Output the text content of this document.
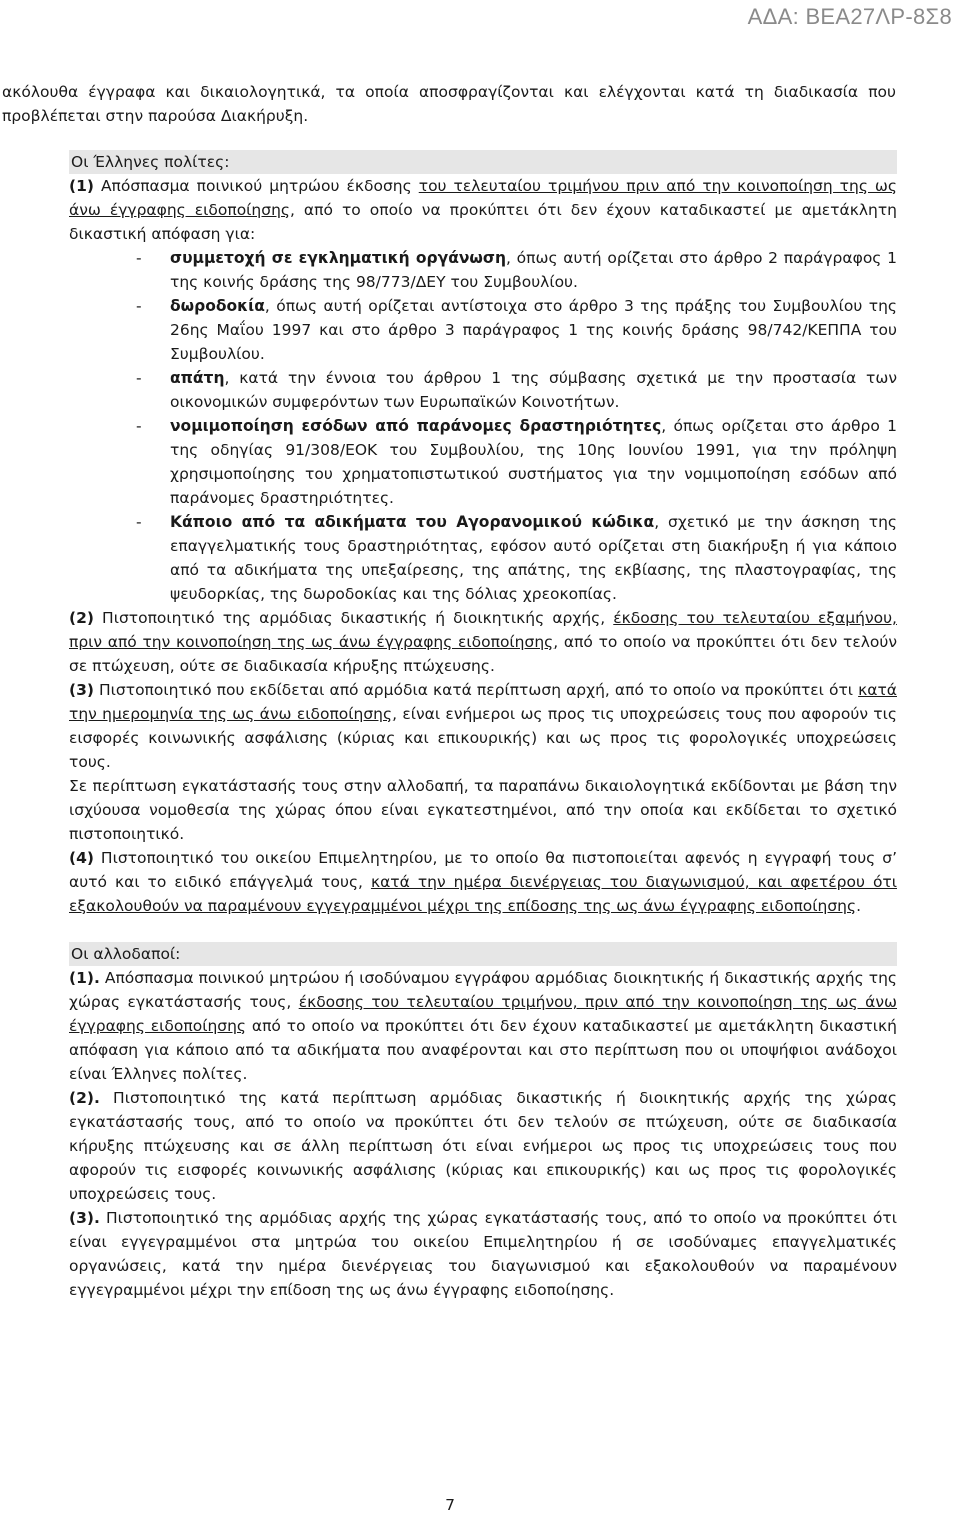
ΑΔΑ: ΒΕΑ27ΛΡ-8Σ8

ακόλουθα έγγραφα και δικαιολογητικά, τα οποία αποσφραγίζονται και ελέγχονται κατά τη διαδικασία που προβλέπεται στην παρούσα Διακήρυξη.

Οι Έλληνες πολίτες:

(1) Απόσπασμα ποινικού μητρώου έκδοσης του τελευταίου τριμήνου πριν από την κοινοποίηση της ως άνω έγγραφης ειδοποίησης, από το οποίο να προκύπτει ότι δεν έχουν καταδικαστεί με αμετάκλητη δικαστική απόφαση για:

- συμμετοχή σε εγκληματική οργάνωση, όπως αυτή ορίζεται στο άρθρο 2 παράγραφος 1 της κοινής δράσης της 98/773/ΔΕΥ του Συμβουλίου.
- δωροδοκία, όπως αυτή ορίζεται αντίστοιχα στο άρθρο 3 της πράξης του Συμβουλίου της 26ης Μαΐου 1997 και στο άρθρο 3 παράγραφος 1 της κοινής δράσης 98/742/ΚΕΠΠΑ του Συμβουλίου.
- απάτη, κατά την έννοια του άρθρου 1 της σύμβασης σχετικά με την προστασία των οικονομικών συμφερόντων των Ευρωπαϊκών Κοινοτήτων.
- νομιμοποίηση εσόδων από παράνομες δραστηριότητες, όπως ορίζεται στο άρθρο 1 της οδηγίας 91/308/ΕΟΚ του Συμβουλίου, της 10ης Ιουνίου 1991, για την πρόληψη χρησιμοποίησης του χρηματοπιστωτικού συστήματος για την νομιμοποίηση εσόδων από παράνομες δραστηριότητες.
- Κάποιο από τα αδικήματα του Αγορανομικού κώδικα, σχετικό με την άσκηση της επαγγελματικής τους δραστηριότητας, εφόσον αυτό ορίζεται στη διακήρυξη ή για κάποιο από τα αδικήματα της υπεξαίρεσης, της απάτης, της εκβίασης, της πλαστογραφίας, της ψευδορκίας, της δωροδοκίας και της δόλιας χρεοκοπίας.

(2) Πιστοποιητικό της αρμόδιας δικαστικής ή διοικητικής αρχής, έκδοσης του τελευταίου εξαμήνου, πριν από την κοινοποίηση της ως άνω έγγραφης ειδοποίησης, από το οποίο να προκύπτει ότι δεν τελούν σε πτώχευση, ούτε σε διαδικασία κήρυξης πτώχευσης.

(3) Πιστοποιητικό που εκδίδεται από αρμόδια κατά περίπτωση αρχή, από το οποίο να προκύπτει ότι κατά την ημερομηνία της ως άνω ειδοποίησης, είναι ενήμεροι ως προς τις υποχρεώσεις τους που αφορούν τις εισφορές κοινωνικής ασφάλισης (κύριας και επικουρικής) και ως προς τις φορολογικές υποχρεώσεις τους.

Σε περίπτωση εγκατάστασής τους στην αλλοδαπή, τα παραπάνω δικαιολογητικά εκδίδονται με βάση την ισχύουσα νομοθεσία της χώρας όπου είναι εγκατεστημένοι, από την οποία και εκδίδεται το σχετικό πιστοποιητικό.

(4) Πιστοποιητικό του οικείου Επιμελητηρίου, με το οποίο θα πιστοποιείται αφενός η εγγραφή τους σ’ αυτό και το ειδικό επάγγελμά τους, κατά την ημέρα διενέργειας του διαγωνισμού, και αφετέρου ότι εξακολουθούν να παραμένουν εγγεγραμμένοι μέχρι της επίδοσης της ως άνω έγγραφης ειδοποίησης.

Οι αλλοδαποί:

(1). Απόσπασμα ποινικού μητρώου ή ισοδύναμου εγγράφου αρμόδιας διοικητικής ή δικαστικής αρχής της χώρας εγκατάστασής τους, έκδοσης του τελευταίου τριμήνου, πριν από την κοινοποίηση της ως άνω έγγραφης ειδοποίησης από το οποίο να προκύπτει ότι δεν έχουν καταδικαστεί με αμετάκλητη δικαστική απόφαση για κάποιο από τα αδικήματα που αναφέρονται και στο περίπτωση που οι υποψήφιοι ανάδοχοι είναι Έλληνες πολίτες.

(2). Πιστοποιητικό της κατά περίπτωση αρμόδιας δικαστικής ή διοικητικής αρχής της χώρας εγκατάστασής τους, από το οποίο να προκύπτει ότι δεν τελούν σε πτώχευση, ούτε σε διαδικασία κήρυξης πτώχευσης και σε άλλη περίπτωση ότι είναι ενήμεροι ως προς τις υποχρεώσεις τους που αφορούν τις εισφορές κοινωνικής ασφάλισης (κύριας και επικουρικής) και ως προς τις φορολογικές υποχρεώσεις τους.

(3). Πιστοποιητικό της αρμόδιας αρχής της χώρας εγκατάστασής τους, από το οποίο να προκύπτει ότι είναι εγγεγραμμένοι στα μητρώα του οικείου Επιμελητηρίου ή σε ισοδύναμες επαγγελματικές οργανώσεις, κατά την ημέρα διενέργειας του διαγωνισμού και εξακολουθούν να παραμένουν εγγεγραμμένοι μέχρι την επίδοση της ως άνω έγγραφης ειδοποίησης.

7
